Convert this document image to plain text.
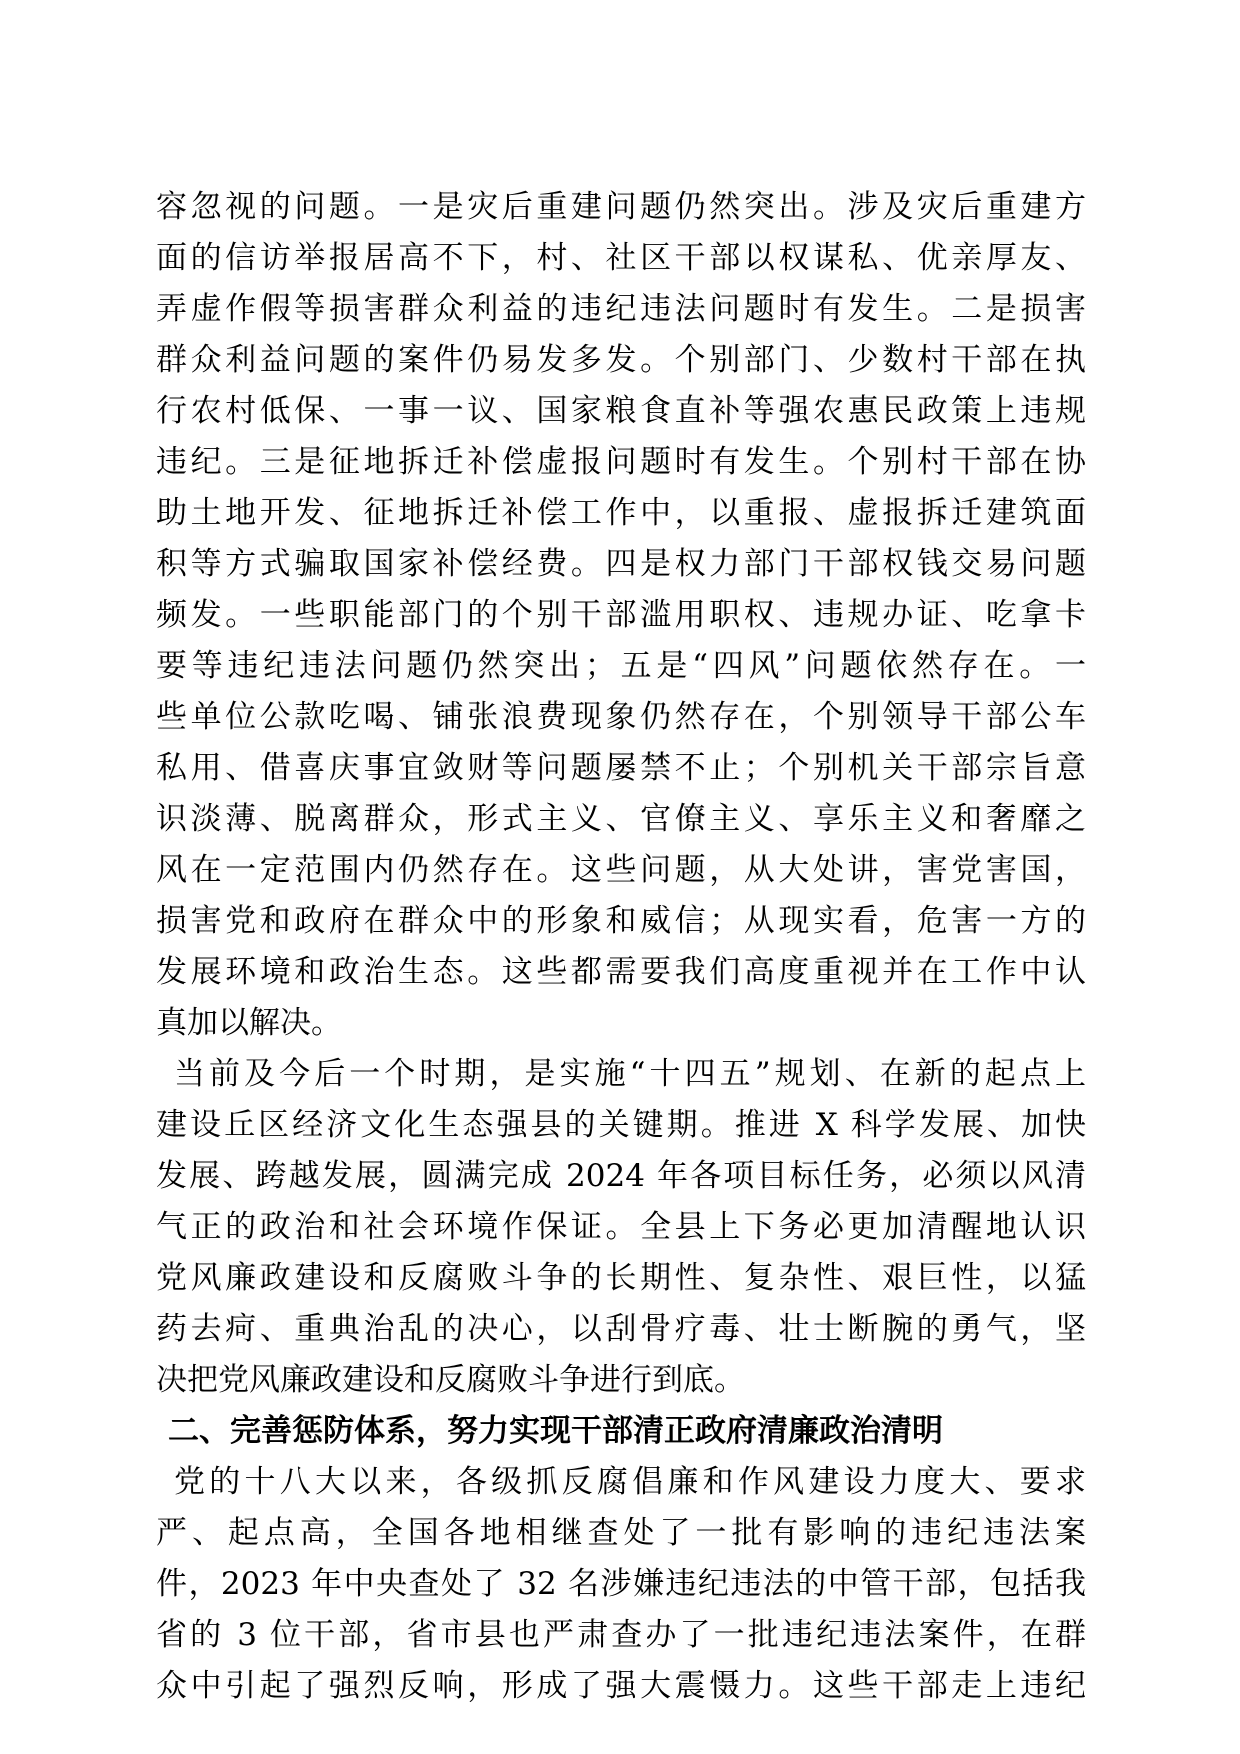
容忽视的问题。一是灾后重建问题仍然突出。涉及灾后重建方
面的信访举报居高不下，村、社区干部以权谋私、优亲厚友、
弄虚作假等损害群众利益的违纪违法问题时有发生。二是损害
群众利益问题的案件仍易发多发。个别部门、少数村干部在执
行农村低保、一事一议、国家粮食直补等强农惠民政策上违规
违纪。三是征地拆迁补偿虚报问题时有发生。个别村干部在协
助土地开发、征地拆迁补偿工作中，以重报、虚报拆迁建筑面
积等方式骗取国家补偿经费。四是权力部门干部权钱交易问题
频发。一些职能部门的个别干部滥用职权、违规办证、吃拿卡
要等违纪违法问题仍然突出；五是“四风”问题依然存在。一
些单位公款吃喝、铺张浪费现象仍然存在，个别领导干部公车
私用、借喜庆事宜敛财等问题屡禁不止；个别机关干部宗旨意
识淡薄、脱离群众，形式主义、官僚主义、享乐主义和奢靡之
风在一定范围内仍然存在。这些问题，从大处讲，害党害国，
损害党和政府在群众中的形象和威信；从现实看，危害一方的
发展环境和政治生态。这些都需要我们高度重视并在工作中认
真加以解决。
当前及今后一个时期，是实施“十四五”规划、在新的起点上
建设丘区经济文化生态强县的关键期。推进 X 科学发展、加快
发展、跨越发展，圆满完成 2024 年各项目标任务，必须以风清
气正的政治和社会环境作保证。全县上下务必更加清醒地认识
党风廉政建设和反腐败斗争的长期性、复杂性、艰巨性，以猛
药去疴、重典治乱的决心，以刮骨疗毒、壮士断腕的勇气，坚
决把党风廉政建设和反腐败斗争进行到底。
二、完善惩防体系，努力实现干部清正政府清廉政治清明
党的十八大以来，各级抓反腐倡廉和作风建设力度大、要求
严、起点高，全国各地相继查处了一批有影响的违纪违法案
件，2023 年中央查处了 32 名涉嫌违纪违法的中管干部，包括我
省的 3 位干部，省市县也严肃查办了一批违纪违法案件，在群
众中引起了强烈反响，形成了强大震慑力。这些干部走上违纪
